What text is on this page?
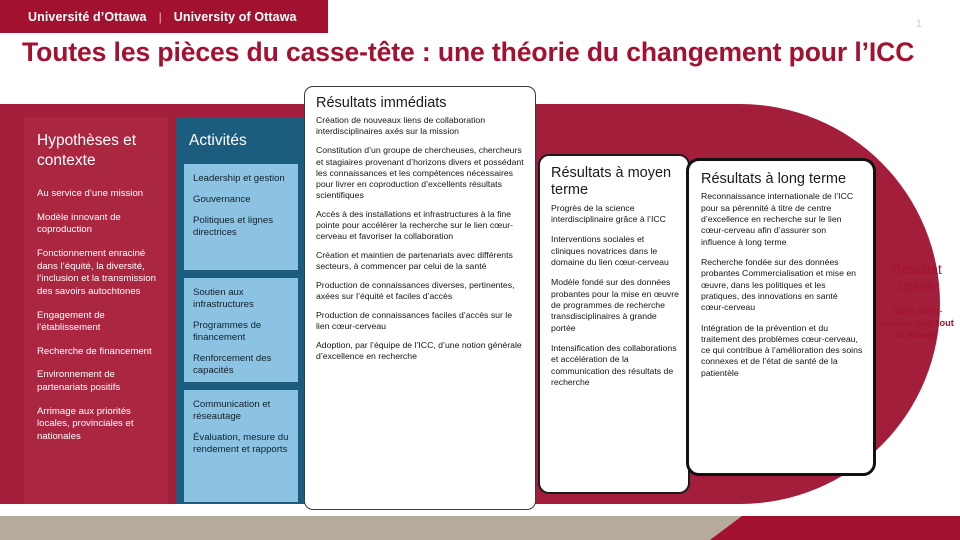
Université d’Ottawa | University of Ottawa
1
Toutes les pièces du casse-tête : une théorie du changement pour l’ICC
Hypothèses et contexte
Au service d’une mission
Modèle innovant de coproduction
Fonctionnement enraciné dans l’équité, la diversité, l’inclusion et la transmission des savoirs autochtones
Engagement de l’établissement
Recherche de financement
Environnement de partenariats positifs
Arrimage aux priorités locales, provinciales et nationales
Activités
Leadership et gestion
Gouvernance
Politiques et lignes directrices
Soutien aux infrastructures
Programmes de financement
Renforcement des capacités
Communication et réseautage
Évaluation, mesure du rendement et rapports
Résultats immédiats

Création de nouveaux liens de collaboration interdisciplinaires axés sur la mission

Constitution d’un groupe de chercheuses, chercheurs et stagiaires provenant d’horizons divers et possédant les connaissances et les compétences nécessaires pour livrer en coproduction d’excellents résultats scientifiques

Accès à des installations et infrastructures à la fine pointe pour accélérer la recherche sur le lien cœur-cerveau et favoriser la collaboration

Création et maintien de partenariats avec différents secteurs, à commencer par celui de la santé

Production de connaissances diverses, pertinentes, axées sur l’équité et faciles d’accès

Production de connaissances faciles d’accès sur le lien cœur-cerveau

Adoption, par l’équipe de l’ICC, d’une notion générale d’excellence en recherche

Résultats à moyen terme

Progrès de la science interdisciplinaire grâce à l’ICC

Interventions sociales et cliniques novatrices dans le domaine du lien cœur-cerveau

Modèle fondé sur des données probantes pour la mise en œuvre de programmes de recherche transdisciplinaires à grande portée

Intensification des collaborations et accélération de la communication des résultats de recherche

Résultats à long terme

Reconnaissance internationale de l’ICC pour sa pérennité à titre de centre d’excellence en recherche sur le lien cœur-cerveau afin d’assurer son influence à long terme

Recherche fondée sur des données probantes Commercialisation et mise en œuvre, dans les politiques et les pratiques, des innovations en santé cœur-cerveau

Intégration de la prévention et du traitement des problèmes cœur-cerveau, ce qui contribue à l’amélioration des soins connexes et de l’état de santé de la patientèle

Résultat ultime
Santé cœur-cerveau pour tout le monde
